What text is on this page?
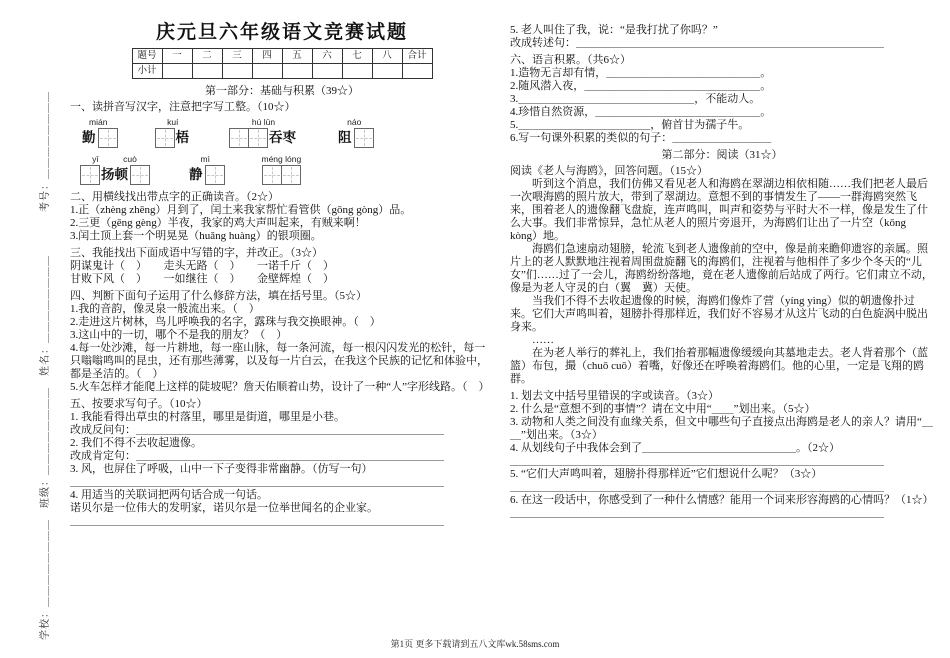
学校：＿＿＿＿＿＿＿＿
班级：＿＿＿＿＿＿＿＿
姓名：＿＿＿＿＿＿＿＿
考号：＿＿＿＿＿＿＿＿
庆元旦六年级语文竞赛试题
题号	一	二	三	四	五	六	七	八	合计
小计									
第一部分：基础与积累（39☆）
一、读拼音写汉字，注意把字写工整。（10☆）
mián
勤
kuí
梧
hú lūn
吞枣
náo
阻
yī	cuò
扬顿
mì
静
méng lóng
二、用横线找出带点字的正确读音。（2☆）
1.正（zhèng zhēng）月到了，闰土来我家帮忙看管供（gōng gòng）品。
2.三更（gēng gèng）半夜，我家的鸡大声叫起来，有贼来啊！
3.闰土顶上套一个明晃晃（huǎng huàng）的银项圈。
三、我能找出下面成语中写错的字，并改正。（3☆）
阴谋鬼计（　）　　走头无路（　）　　一诺千斤（　）
甘败下风（　）　　一如继往（　）　　金壁辉煌（　）
四、判断下面句子运用了什么修辞方法，填在括号里。（5☆）
1.我的音韵，像灵泉一般流出来。（　）
2.走进这片树林，鸟儿呼唤我的名字，露珠与我交换眼神。（　）
3.这山中的一切，哪个不是我的朋友？（　）
4.每一处沙滩，每一片耕地，每一座山脉，每一条河流，每一根闪闪发光的松针，每一只嗡嗡鸣叫的昆虫，还有那些薄雾，以及每一片白云，在我这个民族的记忆和体验中，都是圣洁的。（　）
5.火车怎样才能爬上这样的陡坡呢？詹天佑顺着山势，设计了一种“人”字形线路。（　）
五、按要求写句子。（10☆）
1. 我能看得出草虫的村落里，哪里是街道，哪里是小巷。
改成反问句：＿＿＿＿＿＿＿＿＿＿＿＿＿＿＿＿＿＿＿＿＿＿＿＿＿＿＿＿
2. 我们不得不去收起遗像。
改成肯定句：＿＿＿＿＿＿＿＿＿＿＿＿＿＿＿＿＿＿＿＿＿＿＿＿＿＿＿＿
3. 风，也屏住了呼吸，山中一下子变得非常幽静。（仿写一句）
＿＿＿＿＿＿＿＿＿＿＿＿＿＿＿＿＿＿＿＿＿＿＿＿＿＿＿＿＿＿＿＿＿＿
4. 用适当的关联词把两句话合成一句话。
诺贝尔是一位伟大的发明家，诺贝尔是一位举世闻名的企业家。
＿＿＿＿＿＿＿＿＿＿＿＿＿＿＿＿＿＿＿＿＿＿＿＿＿＿＿＿＿＿＿＿＿＿
5. 老人叫住了我，说：“是我打扰了你吗？”
改成转述句：＿＿＿＿＿＿＿＿＿＿＿＿＿＿＿＿＿＿＿＿＿＿＿＿＿＿＿＿
六、语言积累。（共6☆）
1.造物无言却有情，＿＿＿＿＿＿＿＿＿＿＿＿＿＿。
2.随风潜入夜，＿＿＿＿＿＿＿＿＿＿＿＿＿＿＿＿。
3.＿＿＿＿＿＿＿＿＿＿＿＿＿＿＿＿，不能动人。
4.珍惜自然资源，＿＿＿＿＿＿＿＿＿＿＿＿＿＿＿。
5.＿＿＿＿＿＿＿＿＿＿＿＿，俯首甘为孺子牛。
6.写一句课外积累的类似的句子：＿＿＿＿＿＿＿＿＿
第二部分：阅读（31☆）
阅读《老人与海鸥》，回答问题。（15☆）
听到这个消息，我们仿佛又看见老人和海鸥在翠湖边相依相随……我们把老人最后一次喂海鸥的照片放大，带到了翠湖边。意想不到的事情发生了——一群海鸥突然飞来，围着老人的遗像翻飞盘旋，连声鸣叫，叫声和姿势与平时大不一样，像是发生了什么大事。我们非常惊异，急忙从老人的照片旁退开，为海鸥们让出了一片空（kōng kòng）地。
海鸥们急速扇动翅膀，轮流飞到老人遗像前的空中，像是前来瞻仰遗容的亲属。照片上的老人默默地注视着周围盘旋翻飞的海鸥们，注视着与他相伴了多少个冬天的“儿女”们……过了一会儿，海鸥纷纷落地，竟在老人遗像前后站成了两行。它们肃立不动，像是为老人守灵的白（翼　冀）天使。
当我们不得不去收起遗像的时候，海鸥们像炸了营（yíng yìng）似的朝遗像扑过来。它们大声鸣叫着，翅膀扑得那样近，我们好不容易才从这片飞动的白色旋涡中脱出身来。
……
在为老人举行的葬礼上，我们抬着那幅遗像缓缓向其墓地走去。老人背着那个（蓝　篮）布包，撮（chuō cuō）着嘴，好像还在呼唤着海鸥们。他的心里，一定是飞翔的鸥群。
1. 划去文中括号里错误的字或读音。（3☆）
2. 什么是“意想不到的事情”？请在文中用“＿＿”划出来。（5☆）
3. 动物和人类之间没有血缘关系，但文中哪些句子直接点出海鸥是老人的亲人？请用“＿＿”划出来。（3☆）
4. 从划线句子中我体会到了＿＿＿＿＿＿＿＿＿＿＿＿＿＿。（2☆）
＿＿＿＿＿＿＿＿＿＿＿＿＿＿＿＿＿＿＿＿＿＿＿＿＿＿＿＿＿＿＿＿＿＿
5. “它们大声鸣叫着，翅膀扑得那样近”它们想说什么呢？（3☆）
＿＿＿＿＿＿＿＿＿＿＿＿＿＿＿＿＿＿＿＿＿＿＿＿＿＿＿＿＿＿＿＿＿＿
6. 在这一段话中，你感受到了一种什么情感？能用一个词来形容海鸥的心情吗？（1☆）
＿＿＿＿＿＿＿＿＿＿＿＿＿＿＿＿＿＿＿＿＿＿＿＿＿＿＿＿＿＿＿＿＿＿
第1页 更多下载请到五八文库wk.58sms.com
